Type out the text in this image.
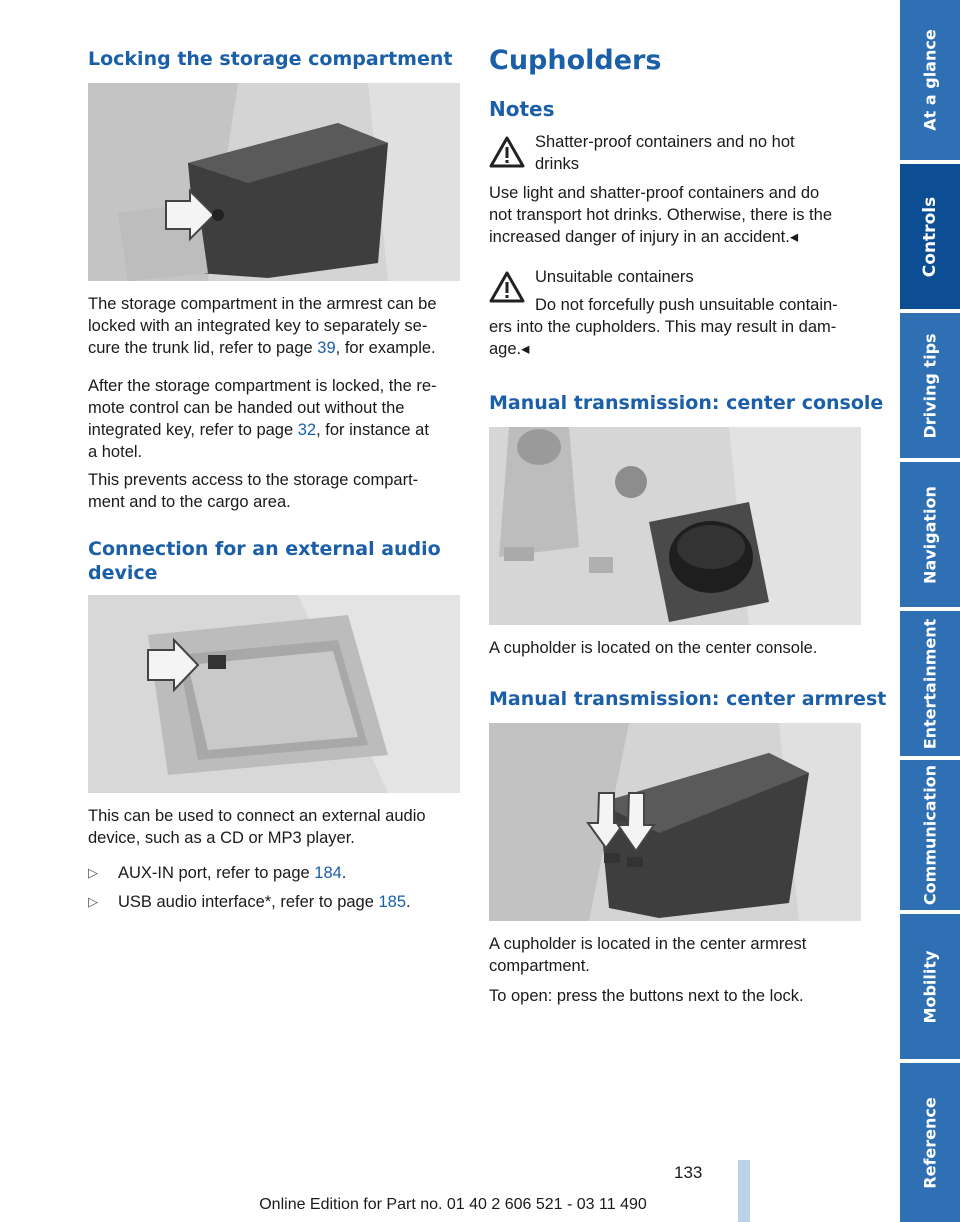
Locking the storage compartment

The storage compartment in the armrest can be
locked with an integrated key to separately se-
cure the trunk lid, refer to page 39, for example.

After the storage compartment is locked, the re-
mote control can be handed out without the
integrated key, refer to page 32, for instance at
a hotel.

This prevents access to the storage compart-
ment and to the cargo area.

Connection for an external audio
device

This can be used to connect an external audio
device, such as a CD or MP3 player.

▷ AUX-IN port, refer to page 184.
▷ USB audio interface*, refer to page 185.
Cupholders
Notes

Shatter-proof containers and no hot
drinks

Use light and shatter-proof containers and do
not transport hot drinks. Otherwise, there is the
increased danger of injury in an accident.◂

Unsuitable containers

Do not forcefully push unsuitable contain-
ers into the cupholders. This may result in dam-
age.◂

Manual transmission: center console

A cupholder is located on the center console.

Manual transmission: center armrest

A cupholder is located in the center armrest
compartment.

To open: press the buttons next to the lock.

At a glance
Controls
Driving tips
Navigation
Entertainment
Communication
Mobility
Reference
133
Online Edition for Part no. 01 40 2 606 521 - 03 11 490
